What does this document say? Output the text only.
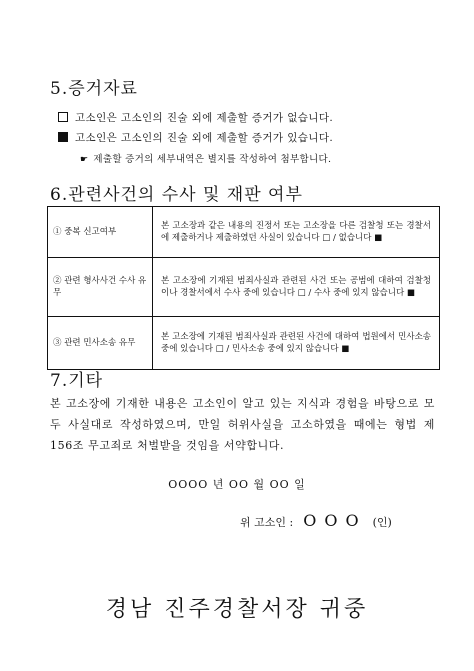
5.증거자료
고소인은 고소인의 진술 외에 제출할 증거가 없습니다.
고소인은 고소인의 진술 외에 제출할 증거가 있습니다.
☛ 제출할 증거의 세부내역은 별지를 작성하여 첨부합니다.
6.관련사건의 수사 및 재판 여부
① 중복 신고여부	본 고소장과 같은 내용의 진정서 또는 고소장을 다른 검찰청 또는 경찰서에 제출하거나 제출하였던 사실이 있습니다 □ / 없습니다 ■
② 관련 형사사건 수사 유무	본 고소장에 기재된 범죄사실과 관련된 사건 또는 공범에 대하여 검찰청이나 경찰서에서 수사 중에 있습니다 □ / 수사 중에 있지 않습니다 ■
③ 관련 민사소송 유무	본 고소장에 기재된 범죄사실과 관련된 사건에 대하여 법원에서 민사소송 중에 있습니다 □ / 민사소송 중에 있지 않습니다 ■
7.기타
본 고소장에 기재한 내용은 고소인이 알고 있는 지식과 경험을 바탕으로 모두 사실대로 작성하였으며, 만일 허위사실을 고소하였을 때에는 형법 제156조 무고죄로 처벌받을 것임을 서약합니다.
OOOO 년 OO 월 OO 일
위 고소인 : OOO (인)
경남 진주경찰서장 귀중
